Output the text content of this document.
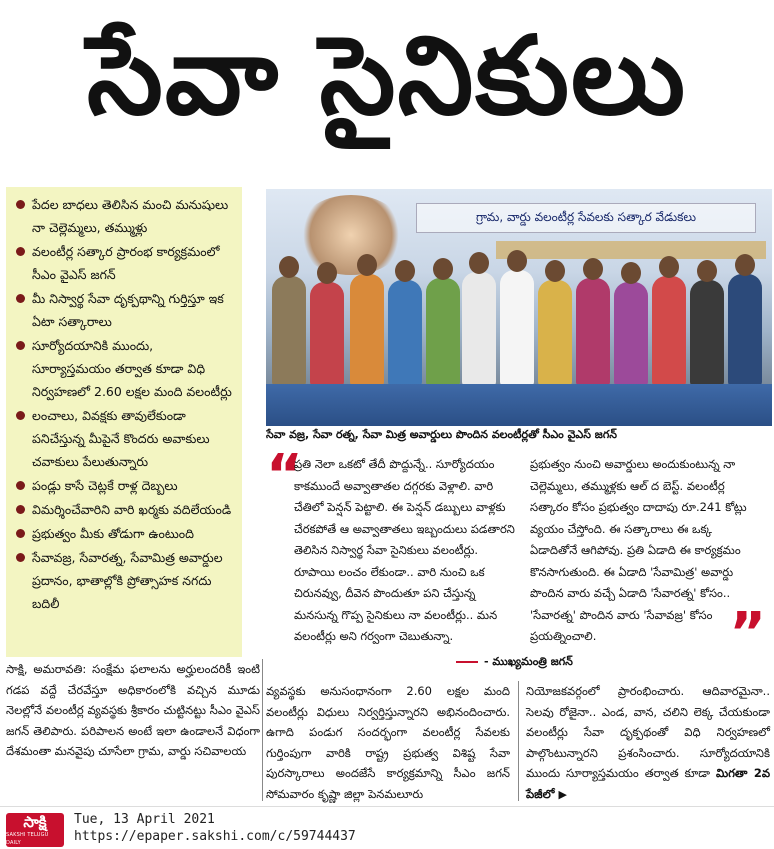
సేవా సైనికులు
పేదల బాధలు తెలిసిన మంచి మనుషులు నా చెల్లెమ్మలు, తమ్ముళ్లు
వలంటీర్ల సత్కార ప్రారంభ కార్యక్రమంలో సీఎం వైఎస్ జగన్
మీ నిస్వార్థ సేవా దృక్పథాన్ని గుర్తిస్తూ ఇక ఏటా సత్కారాలు
సూర్యోదయానికి ముందు, సూర్యాస్తమయం తర్వాత కూడా విధి నిర్వహణలో 2.60 లక్షల మంది వలంటీర్లు
లంచాలు, వివక్షకు తావులేకుండా పనిచేస్తున్న మీపైనే కొందరు అవాకులు చవాకులు పేలుతున్నారు
పండ్లు కాసే చెట్లకే రాళ్ల దెబ్బలు
విమర్శించేవారిని వారి ఖర్మకు వదిలేయండి
ప్రభుత్వం మీకు తోడుగా ఉంటుంది
సేవావజ్ర, సేవారత్న, సేవామిత్ర అవార్డుల ప్రదానం, భాతాల్లోకి ప్రోత్సాహక నగదు బదిలీ
గ్రామ, వార్డు వలంటీర్ల సేవలకు సత్కార వేడుకలు
సేవా వజ్ర, సేవా రత్న, సేవా మిత్ర అవార్డులు పొందిన వలంటీర్లతో సీఎం వైఎస్ జగన్
“
ప్రతి నెలా ఒకటో తేదీ పొద్దున్నే.. సూర్యోదయం కాకముందే అవ్వాతాతల దగ్గరకు వెళ్లాలి. వారి చేతిలో పెన్షన్ పెట్టాలి. ఈ పెన్షన్ డబ్బులు వాళ్లకు చేరకపోతే ఆ అవ్వాతాతలు ఇబ్బందులు పడతారని తెలిసిన నిస్వార్థ సేవా సైనికులు వలంటీర్లు. రూపాయి లంచం లేకుండా.. వారి నుంచి ఒక చిరునవ్వు, దీవెన పొందుతూ పని చేస్తున్న మనసున్న గొప్ప సైనికులు నా వలంటీర్లు.. మన వలంటీర్లు అని గర్వంగా చెబుతున్నా.
ప్రభుత్వం నుంచి అవార్డులు అందుకుంటున్న నా చెల్లెమ్మలు, తమ్ముళ్లకు ఆల్ ద బెస్ట్. వలంటీర్ల సత్కారం కోసం ప్రభుత్వం దాదాపు రూ.241 కోట్లు వ్యయం చేస్తోంది. ఈ సత్కారాలు ఈ ఒక్క ఏడాదితోనే ఆగిపోవు. ప్రతి ఏడాది ఈ కార్యక్రమం కొనసాగుతుంది. ఈ ఏడాది 'సేవామిత్ర' అవార్డు పొందిన వారు వచ్చే ఏడాది 'సేవారత్న' కోసం.. 'సేవారత్న' పొందిన వారు 'సేవావజ్ర' కోసం ప్రయత్నించాలి.
- ముఖ్యమంత్రి జగన్	”
సాక్షి, అమరావతి: సంక్షేమ ఫలాలను అర్హులందరికీ ఇంటి గడప వద్దే చేరవేస్తూ అధికారంలోకి వచ్చిన మూడు నెలల్లోనే వలంటీర్ల వ్యవస్థకు శ్రీకారం చుట్టినట్టు సీఎం వైఎస్ జగన్ తెలిపారు. పరిపాలన అంటే ఇలా ఉండాలనే విధంగా దేశమంతా మనవైపు చూసేలా గ్రామ, వార్డు సచివాలయ
వ్యవస్థకు అనుసంధానంగా 2.60 లక్షల మంది వలంటీర్లు విధులు నిర్వర్తిస్తున్నారని అభినందించారు. ఉగాది పండుగ సందర్భంగా వలంటీర్ల సేవలకు గుర్తింపుగా వారికి రాష్ట్ర ప్రభుత్వ విశిష్ట సేవా పురస్కారాలు అందజేసే కార్యక్రమాన్ని సీఎం జగన్ సోమవారం కృష్ణా జిల్లా పెనమలూరు
నియోజకవర్గంలో ప్రారంభించారు. ఆదివారమైనా.. సెలవు రోజైనా.. ఎండ, వాన, చలిని లెక్క చేయకుండా వలంటీర్లు సేవా దృక్పథంతో విధి నిర్వహణలో పాల్గొంటున్నారని ప్రశంసించారు. సూర్యోదయానికి ముందు సూర్యాస్తమయం తర్వాత కూడా మిగతా 2వ పేజీలో ▶
సాక్షి
SAKSHI TELUGU DAILY
Tue, 13 April 2021
https://epaper.sakshi.com/c/59744437
